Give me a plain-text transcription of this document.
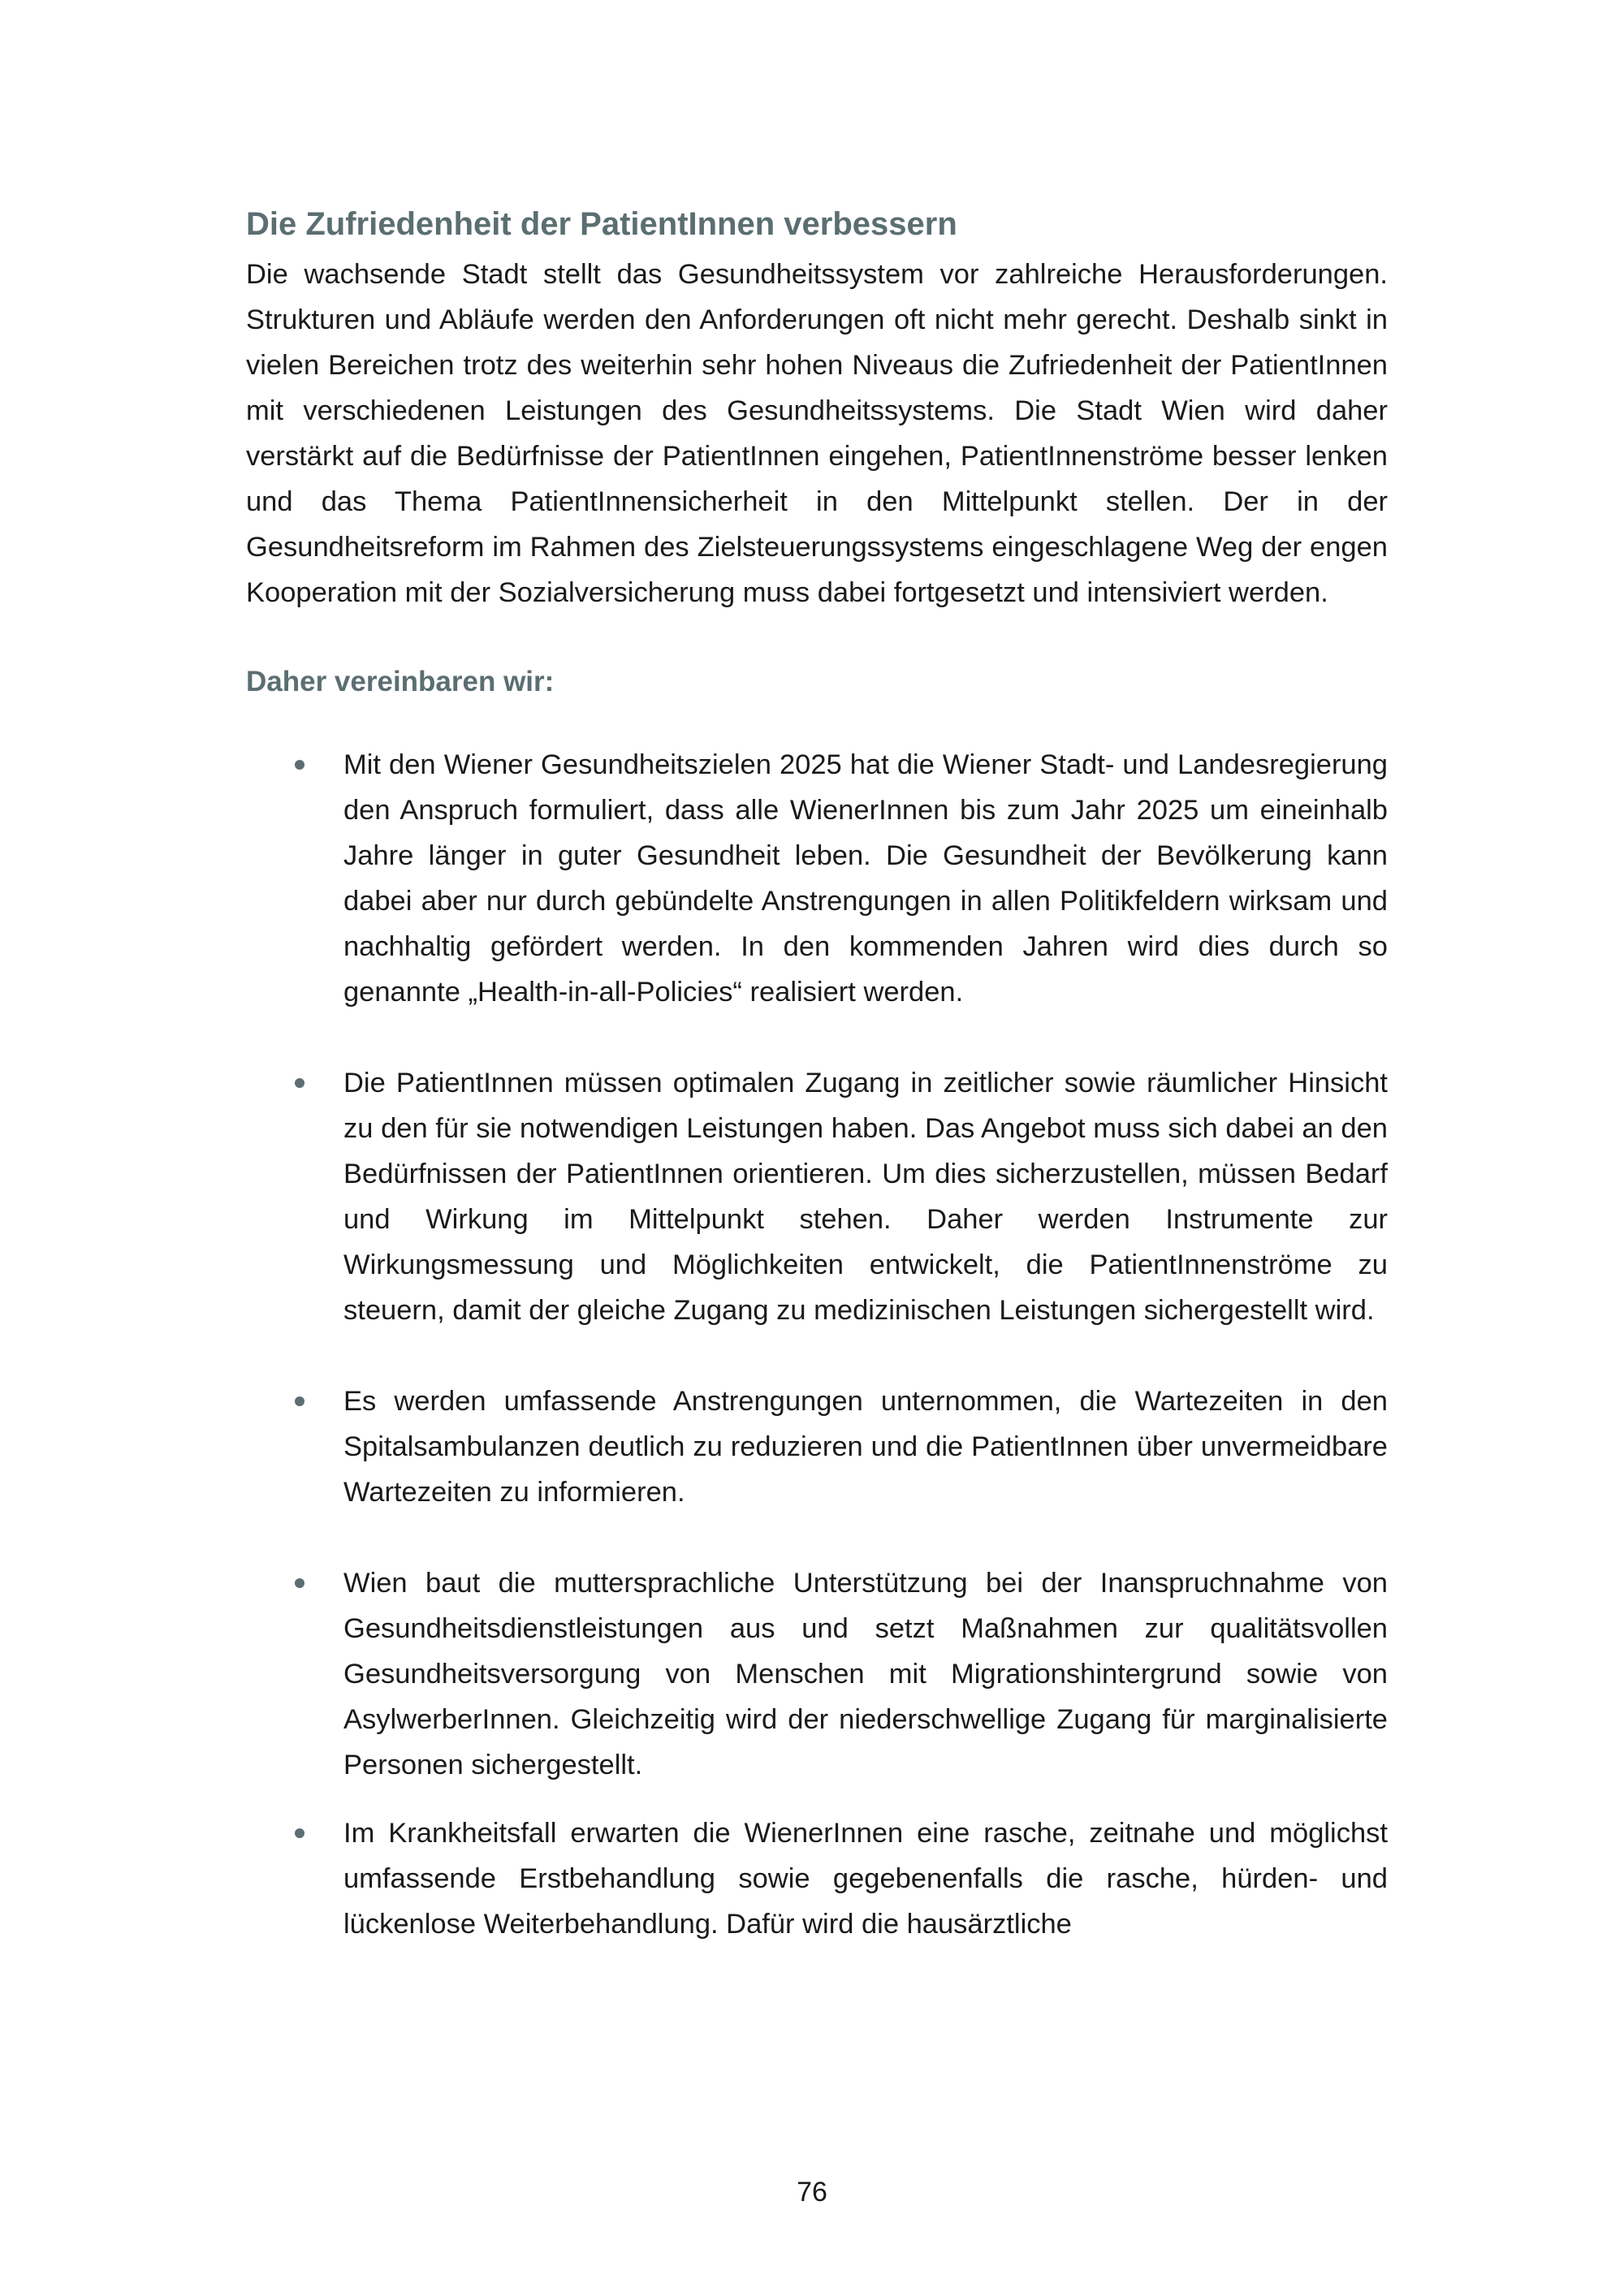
Die Zufriedenheit der PatientInnen verbessern

Die wachsende Stadt stellt das Gesundheitssystem vor zahlreiche Herausforderungen. Strukturen und Abläufe werden den Anforderungen oft nicht mehr gerecht. Deshalb sinkt in vielen Bereichen trotz des weiterhin sehr hohen Niveaus die Zufriedenheit der PatientInnen mit verschiedenen Leistungen des Gesundheitssystems. Die Stadt Wien wird daher verstärkt auf die Bedürfnisse der PatientInnen eingehen, PatientInnenströme besser lenken und das Thema PatientInnensicherheit in den Mittelpunkt stellen. Der in der Gesundheitsreform im Rahmen des Zielsteuerungssystems eingeschlagene Weg der engen Kooperation mit der Sozialversicherung muss dabei fortgesetzt und intensiviert werden.

Daher vereinbaren wir:

Mit den Wiener Gesundheitszielen 2025 hat die Wiener Stadt- und Landesregierung den Anspruch formuliert, dass alle WienerInnen bis zum Jahr 2025 um eineinhalb Jahre länger in guter Gesundheit leben. Die Gesundheit der Bevölkerung kann dabei aber nur durch gebündelte Anstrengungen in allen Politikfeldern wirksam und nachhaltig gefördert werden. In den kommenden Jahren wird dies durch so genannte „Health-in-all-Policies“ realisiert werden.

Die PatientInnen müssen optimalen Zugang in zeitlicher sowie räumlicher Hinsicht zu den für sie notwendigen Leistungen haben. Das Angebot muss sich dabei an den Bedürfnissen der PatientInnen orientieren. Um dies sicherzustellen, müssen Bedarf und Wirkung im Mittelpunkt stehen. Daher werden Instrumente zur Wirkungsmessung und Möglichkeiten entwickelt, die PatientInnenströme zu steuern, damit der gleiche Zugang zu medizinischen Leistungen sichergestellt wird.

Es werden umfassende Anstrengungen unternommen, die Wartezeiten in den Spitalsambulanzen deutlich zu reduzieren und die PatientInnen über unvermeidbare Wartezeiten zu informieren.

Wien baut die muttersprachliche Unterstützung bei der Inanspruchnahme von Gesundheitsdienstleistungen aus und setzt Maßnahmen zur qualitätsvollen Gesundheitsversorgung von Menschen mit Migrationshintergrund sowie von AsylwerberInnen. Gleichzeitig wird der niederschwellige Zugang für marginalisierte Personen sichergestellt.

Im Krankheitsfall erwarten die WienerInnen eine rasche, zeitnahe und möglichst umfassende Erstbehandlung sowie gegebenenfalls die rasche, hürden- und lückenlose Weiterbehandlung. Dafür wird die hausärztliche

76
